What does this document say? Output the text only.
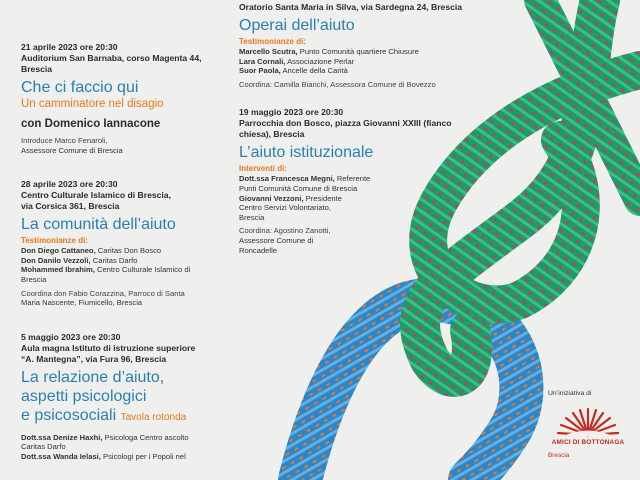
21 aprile 2023 ore 20:30
Auditorium San Barnaba, corso Magenta 44,
Brescia
Che ci faccio qui
Un camminatore nel disagio
con Domenico Iannacone
Introduce Marco Fenaroli,
Assessore Comune di Brescia
28 aprile 2023 ore 20:30
Centro Culturale Islamico di Brescia,
via Corsica 361, Brescia
La comunità dell’aiuto
Testimonianze di:
Don Diego Cattaneo, Caritas Don Bosco
Don Danilo Vezzoli, Caritas Darfo
Mohammed Ibrahim, Centro Culturale Islamico di
Brescia
Coordina don Fabio Corazzina, Parroco di Santa
Maria Nascente, Fiumicello, Brescia
5 maggio 2023 ore 20:30
Aula magna Istituto di istruzione superiore
“A. Mantegna”, via Fura 96, Brescia
La relazione d’aiuto,
aspetti psicologici
e psicosociali Tavola rotonda
Dott.ssa Denize Haxhi, Psicologa Centro ascolto
Caritas Darfo
Dott.ssa Wanda Ielasi, Psicologi per i Popoli nel
Oratorio Santa Maria in Silva, via Sardegna 24, Brescia
Operai dell’aiuto
Testimonianze di:
Marcello Scutra, Punto Comunità quartiere Chiusure
Lara Cornali, Associazione Perlar
Suor Paola, Ancelle della Carità
Coordina: Camilla Bianchi, Assessora Comune di Bovezzo
19 maggio 2023 ore 20:30
Parrocchia don Bosco, piazza Giovanni XXIII (fianco
chiesa), Brescia
L’aiuto istituzionale
Interventi di:
Dott.ssa Francesca Megni, Referente
Punti Comunità Comune di Brescia
Giovanni Vezzoni, Presidente
Centro Servizi Volontariato,
Brescia
Coordina: Agostino Zanotti,
Assessore Comune di
Roncadelle
Un’iniziativa di
AMICI DI BOTTONAGA
Brescia
